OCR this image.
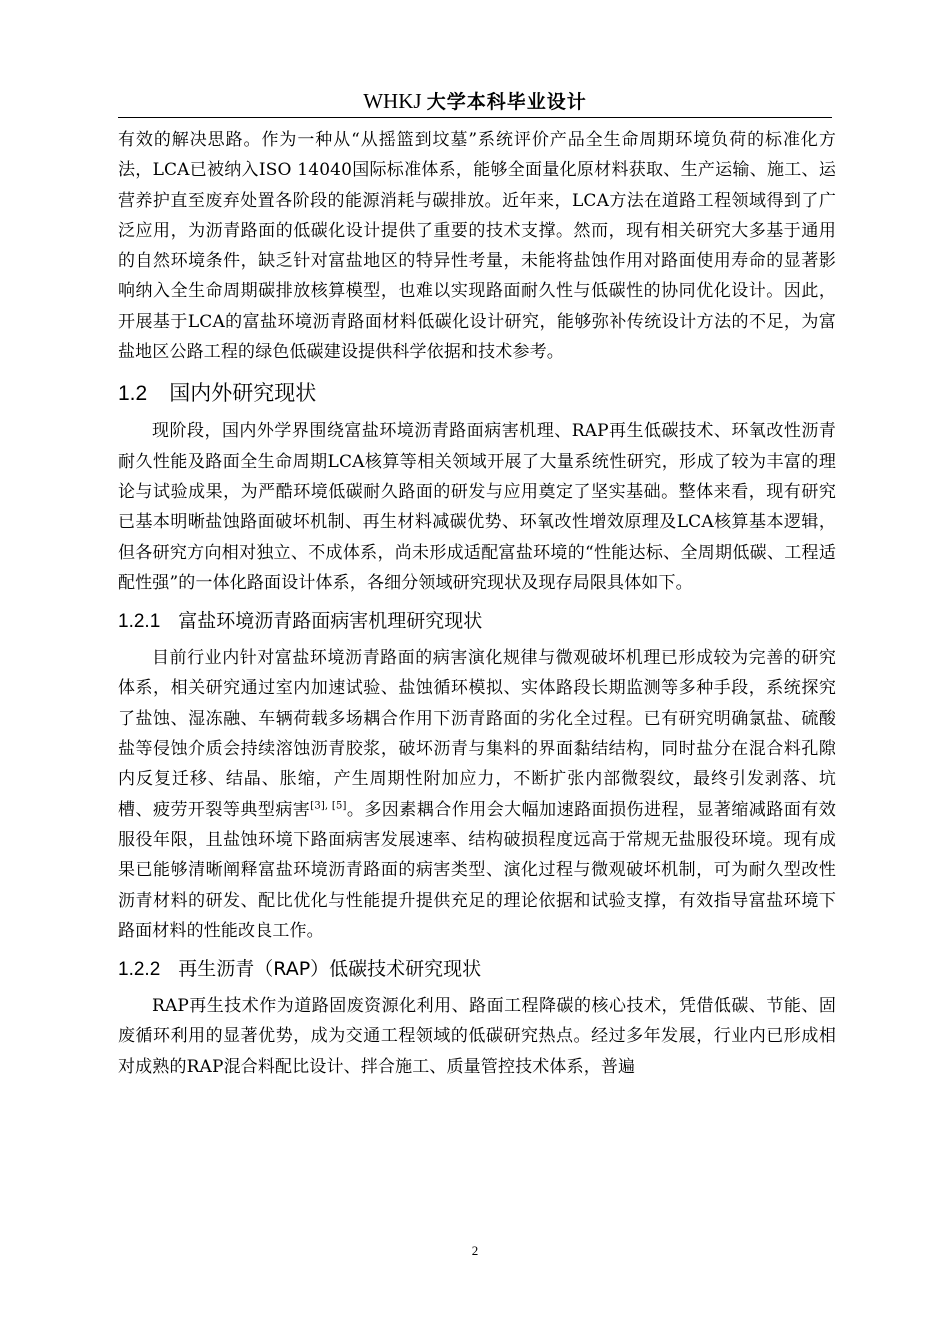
WHKJ 大学本科毕业设计

有效的解决思路。作为一种从“从摇篮到坟墓”系统评价产品全生命周期环境负荷的标准化方法，LCA已被纳入ISO 14040国际标准体系，能够全面量化原材料获取、生产运输、施工、运营养护直至废弃处置各阶段的能源消耗与碳排放。近年来，LCA方法在道路工程领域得到了广泛应用，为沥青路面的低碳化设计提供了重要的技术支撑。然而，现有相关研究大多基于通用的自然环境条件，缺乏针对富盐地区的特异性考量，未能将盐蚀作用对路面使用寿命的显著影响纳入全生命周期碳排放核算模型，也难以实现路面耐久性与低碳性的协同优化设计。因此，开展基于LCA的富盐环境沥青路面材料低碳化设计研究，能够弥补传统设计方法的不足，为富盐地区公路工程的绿色低碳建设提供科学依据和技术参考。

1.2 国内外研究现状

现阶段，国内外学界围绕富盐环境沥青路面病害机理、RAP再生低碳技术、环氧改性沥青耐久性能及路面全生命周期LCA核算等相关领域开展了大量系统性研究，形成了较为丰富的理论与试验成果，为严酷环境低碳耐久路面的研发与应用奠定了坚实基础。整体来看，现有研究已基本明晰盐蚀路面破坏机制、再生材料减碳优势、环氧改性增效原理及LCA核算基本逻辑，但各研究方向相对独立、不成体系，尚未形成适配富盐环境的“性能达标、全周期低碳、工程适配性强”的一体化路面设计体系，各细分领域研究现状及现存局限具体如下。

1.2.1 富盐环境沥青路面病害机理研究现状

目前行业内针对富盐环境沥青路面的病害演化规律与微观破坏机理已形成较为完善的研究体系，相关研究通过室内加速试验、盐蚀循环模拟、实体路段长期监测等多种手段，系统探究了盐蚀、湿冻融、车辆荷载多场耦合作用下沥青路面的劣化全过程。已有研究明确氯盐、硫酸盐等侵蚀介质会持续溶蚀沥青胶浆，破坏沥青与集料的界面黏结结构，同时盐分在混合料孔隙内反复迁移、结晶、胀缩，产生周期性附加应力，不断扩张内部微裂纹，最终引发剥落、坑槽、疲劳开裂等典型病害[3], [5]。多因素耦合作用会大幅加速路面损伤进程，显著缩减路面有效服役年限，且盐蚀环境下路面病害发展速率、结构破损程度远高于常规无盐服役环境。现有成果已能够清晰阐释富盐环境沥青路面的病害类型、演化过程与微观破坏机制，可为耐久型改性沥青材料的研发、配比优化与性能提升提供充足的理论依据和试验支撑，有效指导富盐环境下路面材料的性能改良工作。

1.2.2 再生沥青（RAP）低碳技术研究现状

RAP再生技术作为道路固废资源化利用、路面工程降碳的核心技术，凭借低碳、节能、固废循环利用的显著优势，成为交通工程领域的低碳研究热点。经过多年发展，行业内已形成相对成熟的RAP混合料配比设计、拌合施工、质量管控技术体系，普遍

2
